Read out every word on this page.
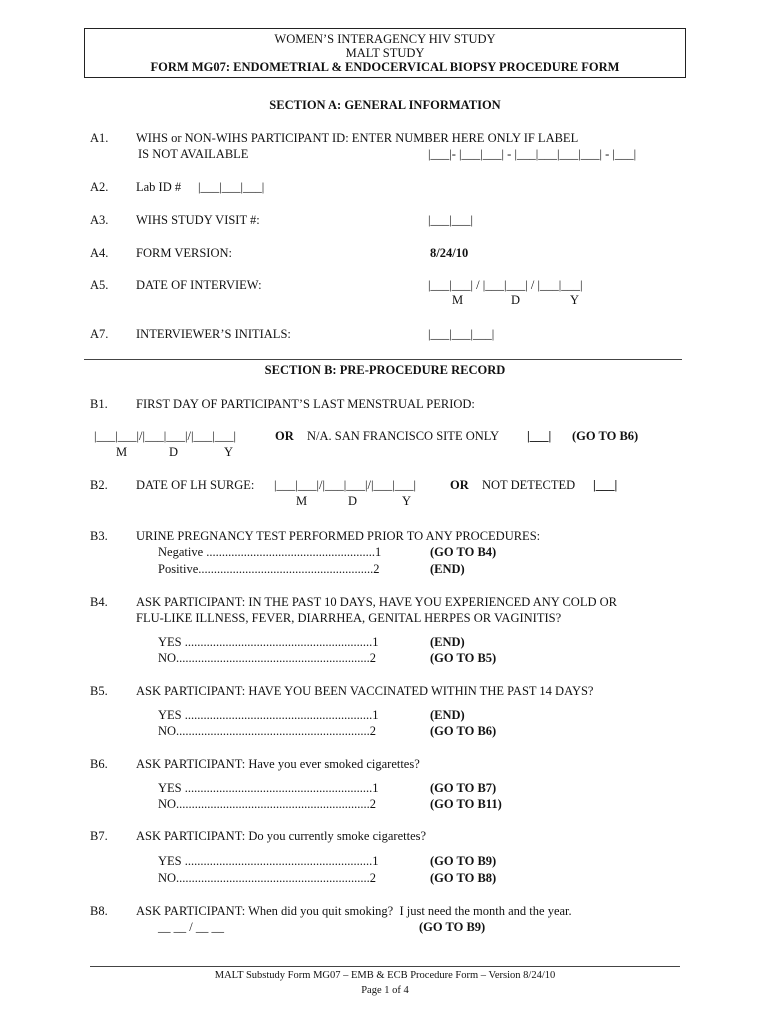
WOMEN’S INTERAGENCY HIV STUDY
MALT STUDY
FORM MG07: ENDOMETRIAL & ENDOCERVICAL BIOPSY PROCEDURE FORM
SECTION A: GENERAL INFORMATION
A1. WIHS or NON-WIHS PARTICIPANT ID: ENTER NUMBER HERE ONLY IF LABEL
IS NOT AVAILABLE	|___|- |___|___| - |___|___|___|___| - |___|
A2. Lab ID # |___|___|___|
A3. WIHS STUDY VISIT #:	|___|___|
A4. FORM VERSION:	8/24/10
A5. DATE OF INTERVIEW:	|___|___| / |___|___| / |___|___|
M	D	Y
A7. INTERVIEWER’S INITIALS:	|___|___|___|
SECTION B: PRE-PROCEDURE RECORD
B1. FIRST DAY OF PARTICIPANT’S LAST MENSTRUAL PERIOD:
|___|___|/|___|___|/|___|___|	OR N/A. SAN FRANCISCO SITE ONLY |___| (GO TO B6)
M	D	Y
B2. DATE OF LH SURGE: |___|___|/|___|___|/|___|___|	OR NOT DETECTED |___|
M	D	Y
B3. URINE PREGNANCY TEST PERFORMED PRIOR TO ANY PROCEDURES:
Negative ......................................................1	(GO TO B4)
Positive........................................................2	(END)
B4. ASK PARTICIPANT: IN THE PAST 10 DAYS, HAVE YOU EXPERIENCED ANY COLD OR
FLU-LIKE ILLNESS, FEVER, DIARRHEA, GENITAL HERPES OR VAGINITIS?
YES ............................................................1	(END)
NO..............................................................2	(GO TO B5)
B5. ASK PARTICIPANT: HAVE YOU BEEN VACCINATED WITHIN THE PAST 14 DAYS?
YES ............................................................1	(END)
NO..............................................................2	(GO TO B6)
B6. ASK PARTICIPANT: Have you ever smoked cigarettes?
YES ............................................................1	(GO TO B7)
NO..............................................................2	(GO TO B11)
B7. ASK PARTICIPANT: Do you currently smoke cigarettes?
YES ............................................................1	(GO TO B9)
NO..............................................................2	(GO TO B8)
B8. ASK PARTICIPANT: When did you quit smoking?  I just need the month and the year.
__ __ / __ __	(GO TO B9)
MALT Substudy Form MG07 – EMB & ECB Procedure Form – Version 8/24/10
Page 1 of 4
